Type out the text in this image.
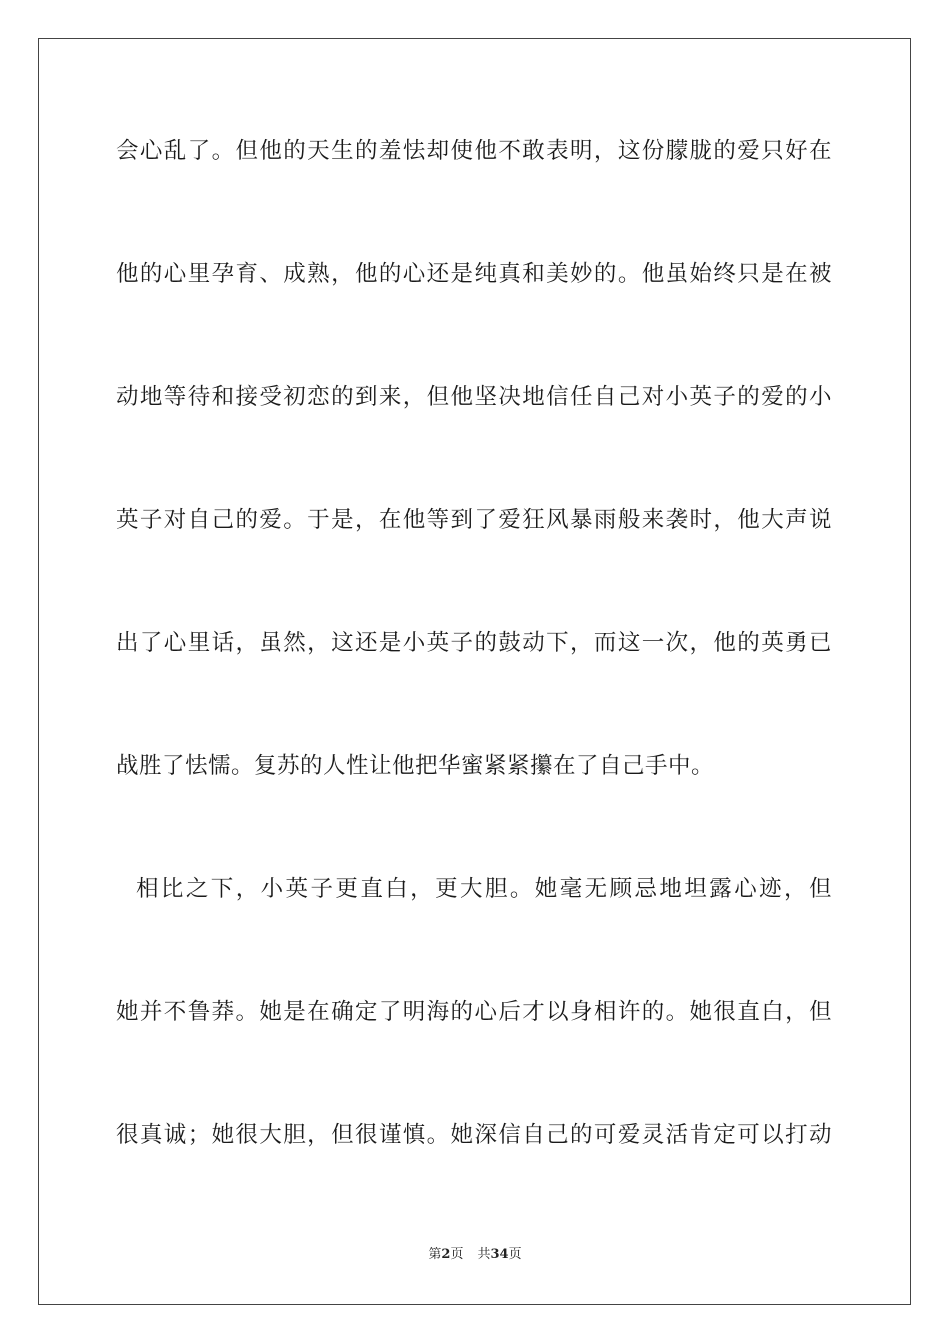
会心乱了。但他的天生的羞怯却使他不敢表明，这份朦胧的爱只好在
他的心里孕育、成熟，他的心还是纯真和美妙的。他虽始终只是在被
动地等待和接受初恋的到来，但他坚决地信任自己对小英子的爱的小
英子对自己的爱。于是，在他等到了爱狂风暴雨般来袭时，他大声说
出了心里话，虽然，这还是小英子的鼓动下，而这一次，他的英勇已
战胜了怯懦。复苏的人性让他把华蜜紧紧攥在了自己手中。
相比之下，小英子更直白，更大胆。她毫无顾忌地坦露心迹，但
她并不鲁莽。她是在确定了明海的心后才以身相许的。她很直白，但
很真诚；她很大胆，但很谨慎。她深信自己的可爱灵活肯定可以打动
第2页 共34页
